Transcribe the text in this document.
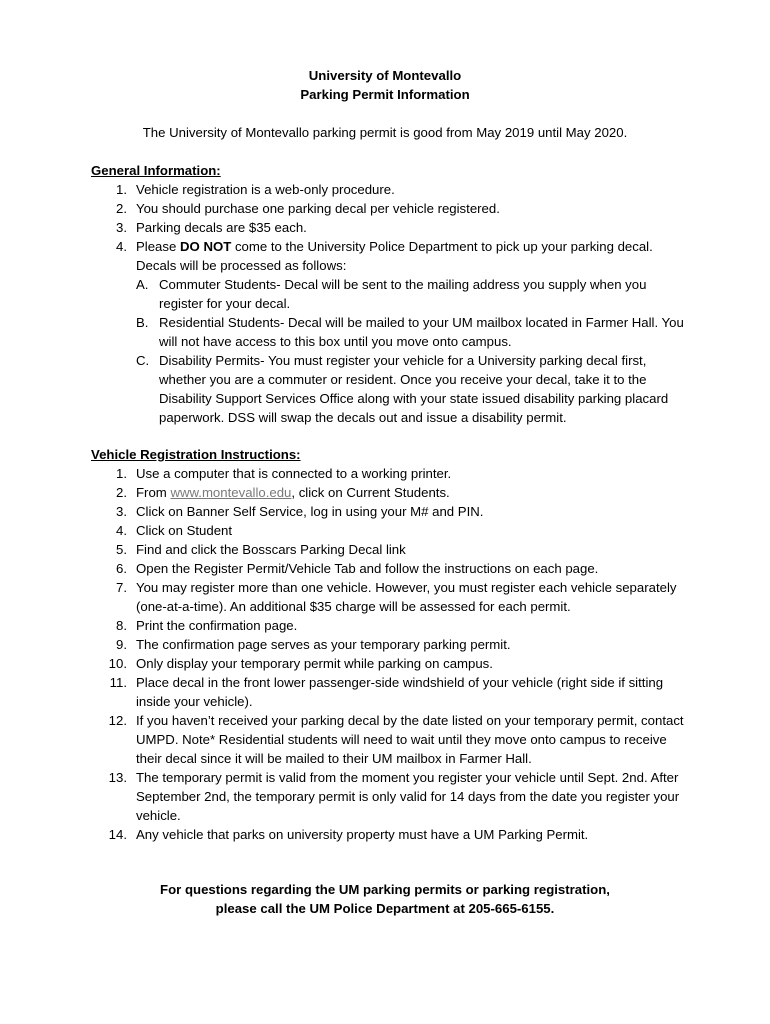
University of Montevallo
Parking Permit Information
The University of Montevallo parking permit is good from May 2019 until May 2020.
General Information:
1. Vehicle registration is a web-only procedure.
2. You should purchase one parking decal per vehicle registered.
3. Parking decals are $35 each.
4. Please DO NOT come to the University Police Department to pick up your parking decal. Decals will be processed as follows:
A. Commuter Students- Decal will be sent to the mailing address you supply when you register for your decal.
B. Residential Students- Decal will be mailed to your UM mailbox located in Farmer Hall. You will not have access to this box until you move onto campus.
C. Disability Permits- You must register your vehicle for a University parking decal first, whether you are a commuter or resident. Once you receive your decal, take it to the Disability Support Services Office along with your state issued disability parking placard paperwork. DSS will swap the decals out and issue a disability permit.
Vehicle Registration Instructions:
1. Use a computer that is connected to a working printer.
2. From www.montevallo.edu, click on Current Students.
3. Click on Banner Self Service, log in using your M# and PIN.
4. Click on Student
5. Find and click the Bosscars Parking Decal link
6. Open the Register Permit/Vehicle Tab and follow the instructions on each page.
7. You may register more than one vehicle. However, you must register each vehicle separately (one-at-a-time). An additional $35 charge will be assessed for each permit.
8. Print the confirmation page.
9. The confirmation page serves as your temporary parking permit.
10. Only display your temporary permit while parking on campus.
11. Place decal in the front lower passenger-side windshield of your vehicle (right side if sitting inside your vehicle).
12. If you haven’t received your parking decal by the date listed on your temporary permit, contact UMPD. Note* Residential students will need to wait until they move onto campus to receive their decal since it will be mailed to their UM mailbox in Farmer Hall.
13. The temporary permit is valid from the moment you register your vehicle until Sept. 2nd. After September 2nd, the temporary permit is only valid for 14 days from the date you register your vehicle.
14. Any vehicle that parks on university property must have a UM Parking Permit.
For questions regarding the UM parking permits or parking registration,
please call the UM Police Department at 205-665-6155.
